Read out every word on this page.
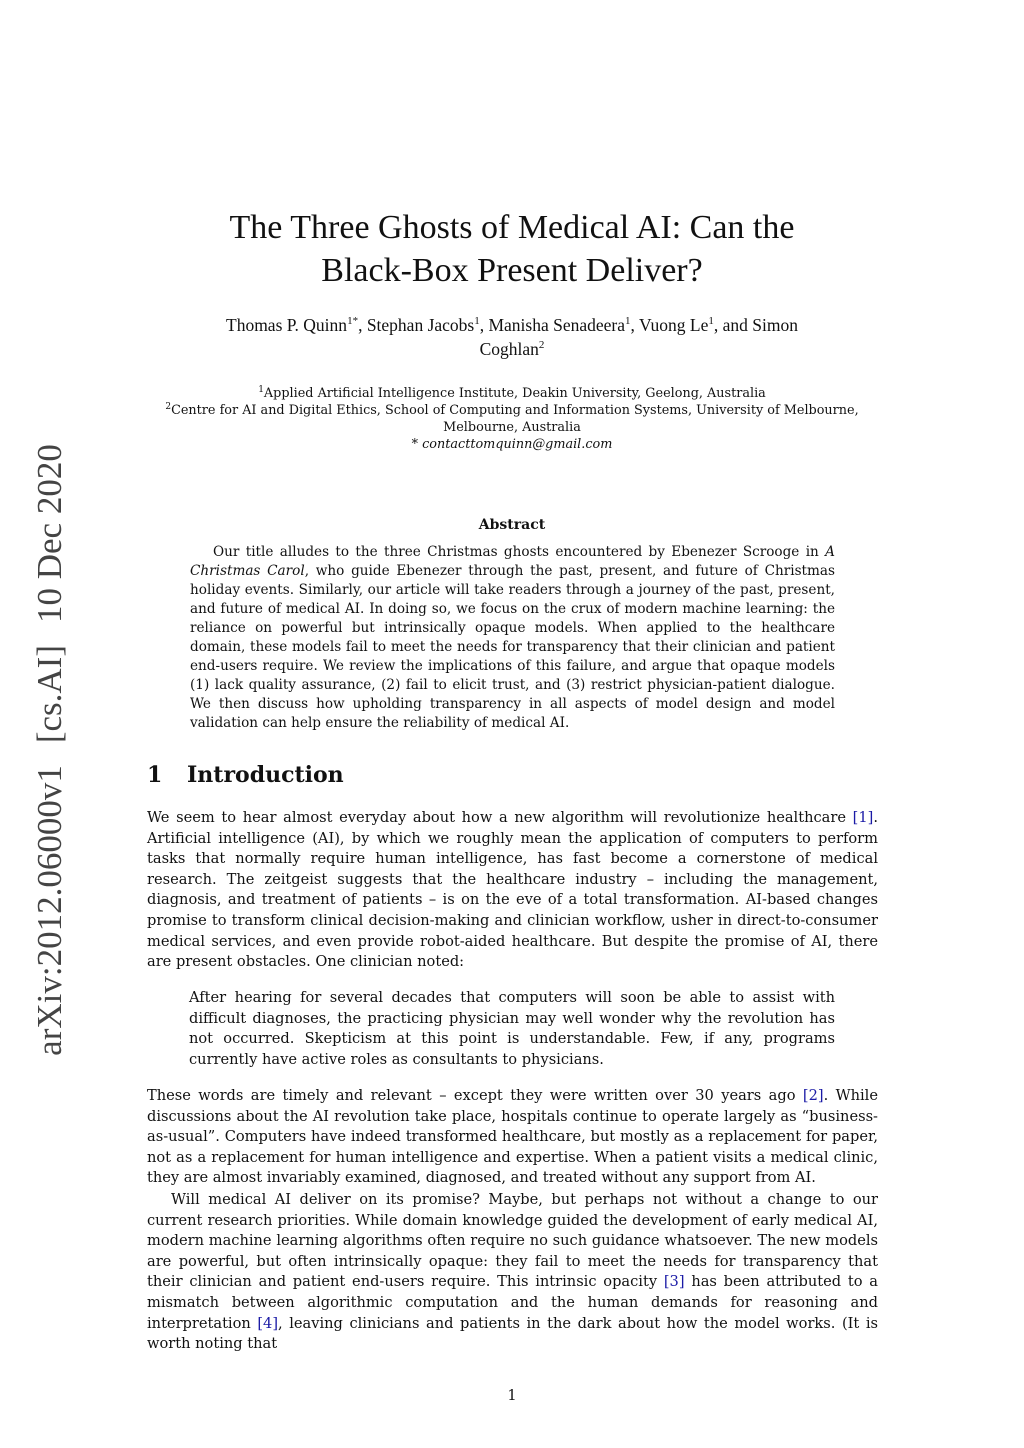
arXiv:2012.06000v1[cs.AI]10 Dec 2020
The Three Ghosts of Medical AI: Can the
Black-Box Present Deliver?
Thomas P. Quinn$^{1*}$, Stephan Jacobs$^1$, Manisha Senadeera$^1$, Vuong Le$^1$, and Simon
Coghlan$^2$
$^1$Applied Artificial Intelligence Institute, Deakin University, Geelong, Australia
$^2$Centre for AI and Digital Ethics, School of Computing and Information Systems, University of Melbourne,
Melbourne, Australia
* contacttomquinn@gmail.com
Abstract

Our title alludes to the three Christmas ghosts encountered by Ebenezer Scrooge in A Christmas Carol, who guide Ebenezer through the past, present, and future of Christmas holiday events. Similarly, our article will take readers through a journey of the past, present, and future of medical AI. In doing so, we focus on the crux of modern machine learning: the reliance on powerful but intrinsically opaque models. When applied to the healthcare domain, these models fail to meet the needs for transparency that their clinician and patient end-users require. We review the implications of this failure, and argue that opaque models (1) lack quality assurance, (2) fail to elicit trust, and (3) restrict physician-patient dialogue. We then discuss how upholding transparency in all aspects of model design and model validation can help ensure the reliability of medical AI.

1 Introduction

We seem to hear almost everyday about how a new algorithm will revolutionize healthcare [1]. Artificial intelligence (AI), by which we roughly mean the application of computers to perform tasks that normally require human intelligence, has fast become a cornerstone of medical research. The zeitgeist suggests that the healthcare industry – including the management, diagnosis, and treatment of patients – is on the eve of a total transformation. AI-based changes promise to transform clinical decision-making and clinician workflow, usher in direct-to-consumer medical services, and even provide robot-aided healthcare. But despite the promise of AI, there are present obstacles. One clinician noted:

After hearing for several decades that computers will soon be able to assist with difficult diagnoses, the practicing physician may well wonder why the revolution has not occurred. Skepticism at this point is understandable. Few, if any, programs currently have active roles as consultants to physicians.

These words are timely and relevant – except they were written over 30 years ago [2]. While discussions about the AI revolution take place, hospitals continue to operate largely as “business-as-usual”. Computers have indeed transformed healthcare, but mostly as a replacement for paper, not as a replacement for human intelligence and expertise. When a patient visits a medical clinic, they are almost invariably examined, diagnosed, and treated without any support from AI.

Will medical AI deliver on its promise? Maybe, but perhaps not without a change to our current research priorities. While domain knowledge guided the development of early medical AI, modern machine learning algorithms often require no such guidance whatsoever. The new models are powerful, but often intrinsically opaque: they fail to meet the needs for transparency that their clinician and patient end-users require. This intrinsic opacity [3] has been attributed to a mismatch between algorithmic computation and the human demands for reasoning and interpretation [4], leaving clinicians and patients in the dark about how the model works. (It is worth noting that

1
